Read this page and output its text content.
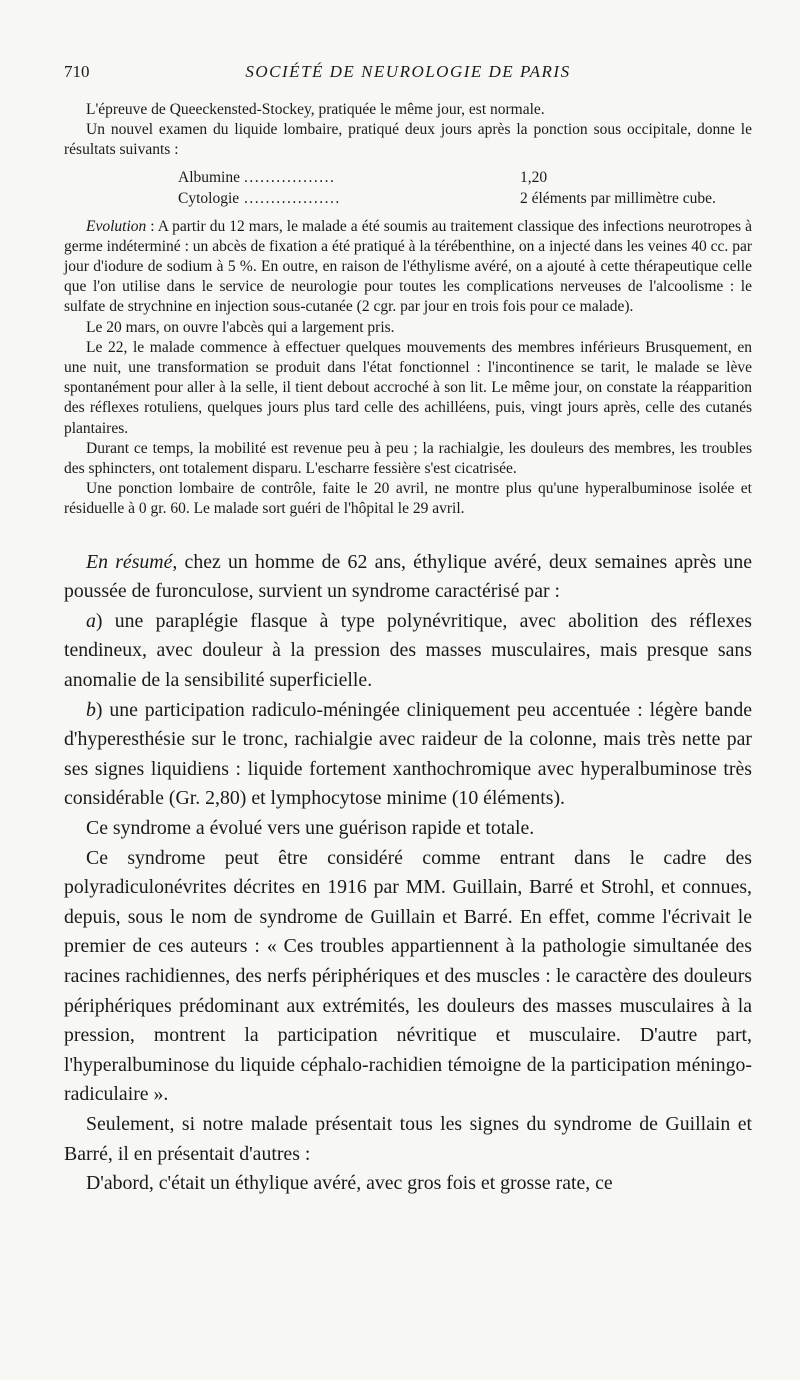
710	SOCIÉTÉ DE NEUROLOGIE DE PARIS

L'épreuve de Queeckensted-Stockey, pratiquée le même jour, est normale.

Un nouvel examen du liquide lombaire, pratiqué deux jours après la ponction sous occipitale, donne le résultats suivants :

Albumine .................	1,20
Cytologie ..................	2 éléments par millimètre cube.

Evolution : A partir du 12 mars, le malade a été soumis au traitement classique des infections neurotropes à germe indéterminé : un abcès de fixation a été pratiqué à la térébenthine, on a injecté dans les veines 40 cc. par jour d'iodure de sodium à 5 %. En outre, en raison de l'éthylisme avéré, on a ajouté à cette thérapeutique celle que l'on utilise dans le service de neurologie pour toutes les complications nerveuses de l'alcoolisme : le sulfate de strychnine en injection sous-cutanée (2 cgr. par jour en trois fois pour ce malade).

Le 20 mars, on ouvre l'abcès qui a largement pris.

Le 22, le malade commence à effectuer quelques mouvements des membres inférieurs Brusquement, en une nuit, une transformation se produit dans l'état fonctionnel : l'incontinence se tarit, le malade se lève spontanément pour aller à la selle, il tient debout accroché à son lit. Le même jour, on constate la réapparition des réflexes rotuliens, quelques jours plus tard celle des achilléens, puis, vingt jours après, celle des cutanés plantaires.

Durant ce temps, la mobilité est revenue peu à peu ; la rachialgie, les douleurs des membres, les troubles des sphincters, ont totalement disparu. L'escharre fessière s'est cicatrisée.

Une ponction lombaire de contrôle, faite le 20 avril, ne montre plus qu'une hyperalbuminose isolée et résiduelle à 0 gr. 60. Le malade sort guéri de l'hôpital le 29 avril.

En résumé, chez un homme de 62 ans, éthylique avéré, deux semaines après une poussée de furonculose, survient un syndrome caractérisé par :

a) une paraplégie flasque à type polynévritique, avec abolition des réflexes tendineux, avec douleur à la pression des masses musculaires, mais presque sans anomalie de la sensibilité superficielle.

b) une participation radiculo-méningée cliniquement peu accentuée : légère bande d'hyperesthésie sur le tronc, rachialgie avec raideur de la colonne, mais très nette par ses signes liquidiens : liquide fortement xanthochromique avec hyperalbuminose très considérable (Gr. 2,80) et lymphocytose minime (10 éléments).

Ce syndrome a évolué vers une guérison rapide et totale.

Ce syndrome peut être considéré comme entrant dans le cadre des polyradiculonévrites décrites en 1916 par MM. Guillain, Barré et Strohl, et connues, depuis, sous le nom de syndrome de Guillain et Barré. En effet, comme l'écrivait le premier de ces auteurs : « Ces troubles appartiennent à la pathologie simultanée des racines rachidiennes, des nerfs périphériques et des muscles : le caractère des douleurs périphériques prédominant aux extrémités, les douleurs des masses musculaires à la pression, montrent la participation névritique et musculaire. D'autre part, l'hyperalbuminose du liquide céphalo-rachidien témoigne de la participation méningo-radiculaire ».

Seulement, si notre malade présentait tous les signes du syndrome de Guillain et Barré, il en présentait d'autres :

D'abord, c'était un éthylique avéré, avec gros fois et grosse rate, ce
